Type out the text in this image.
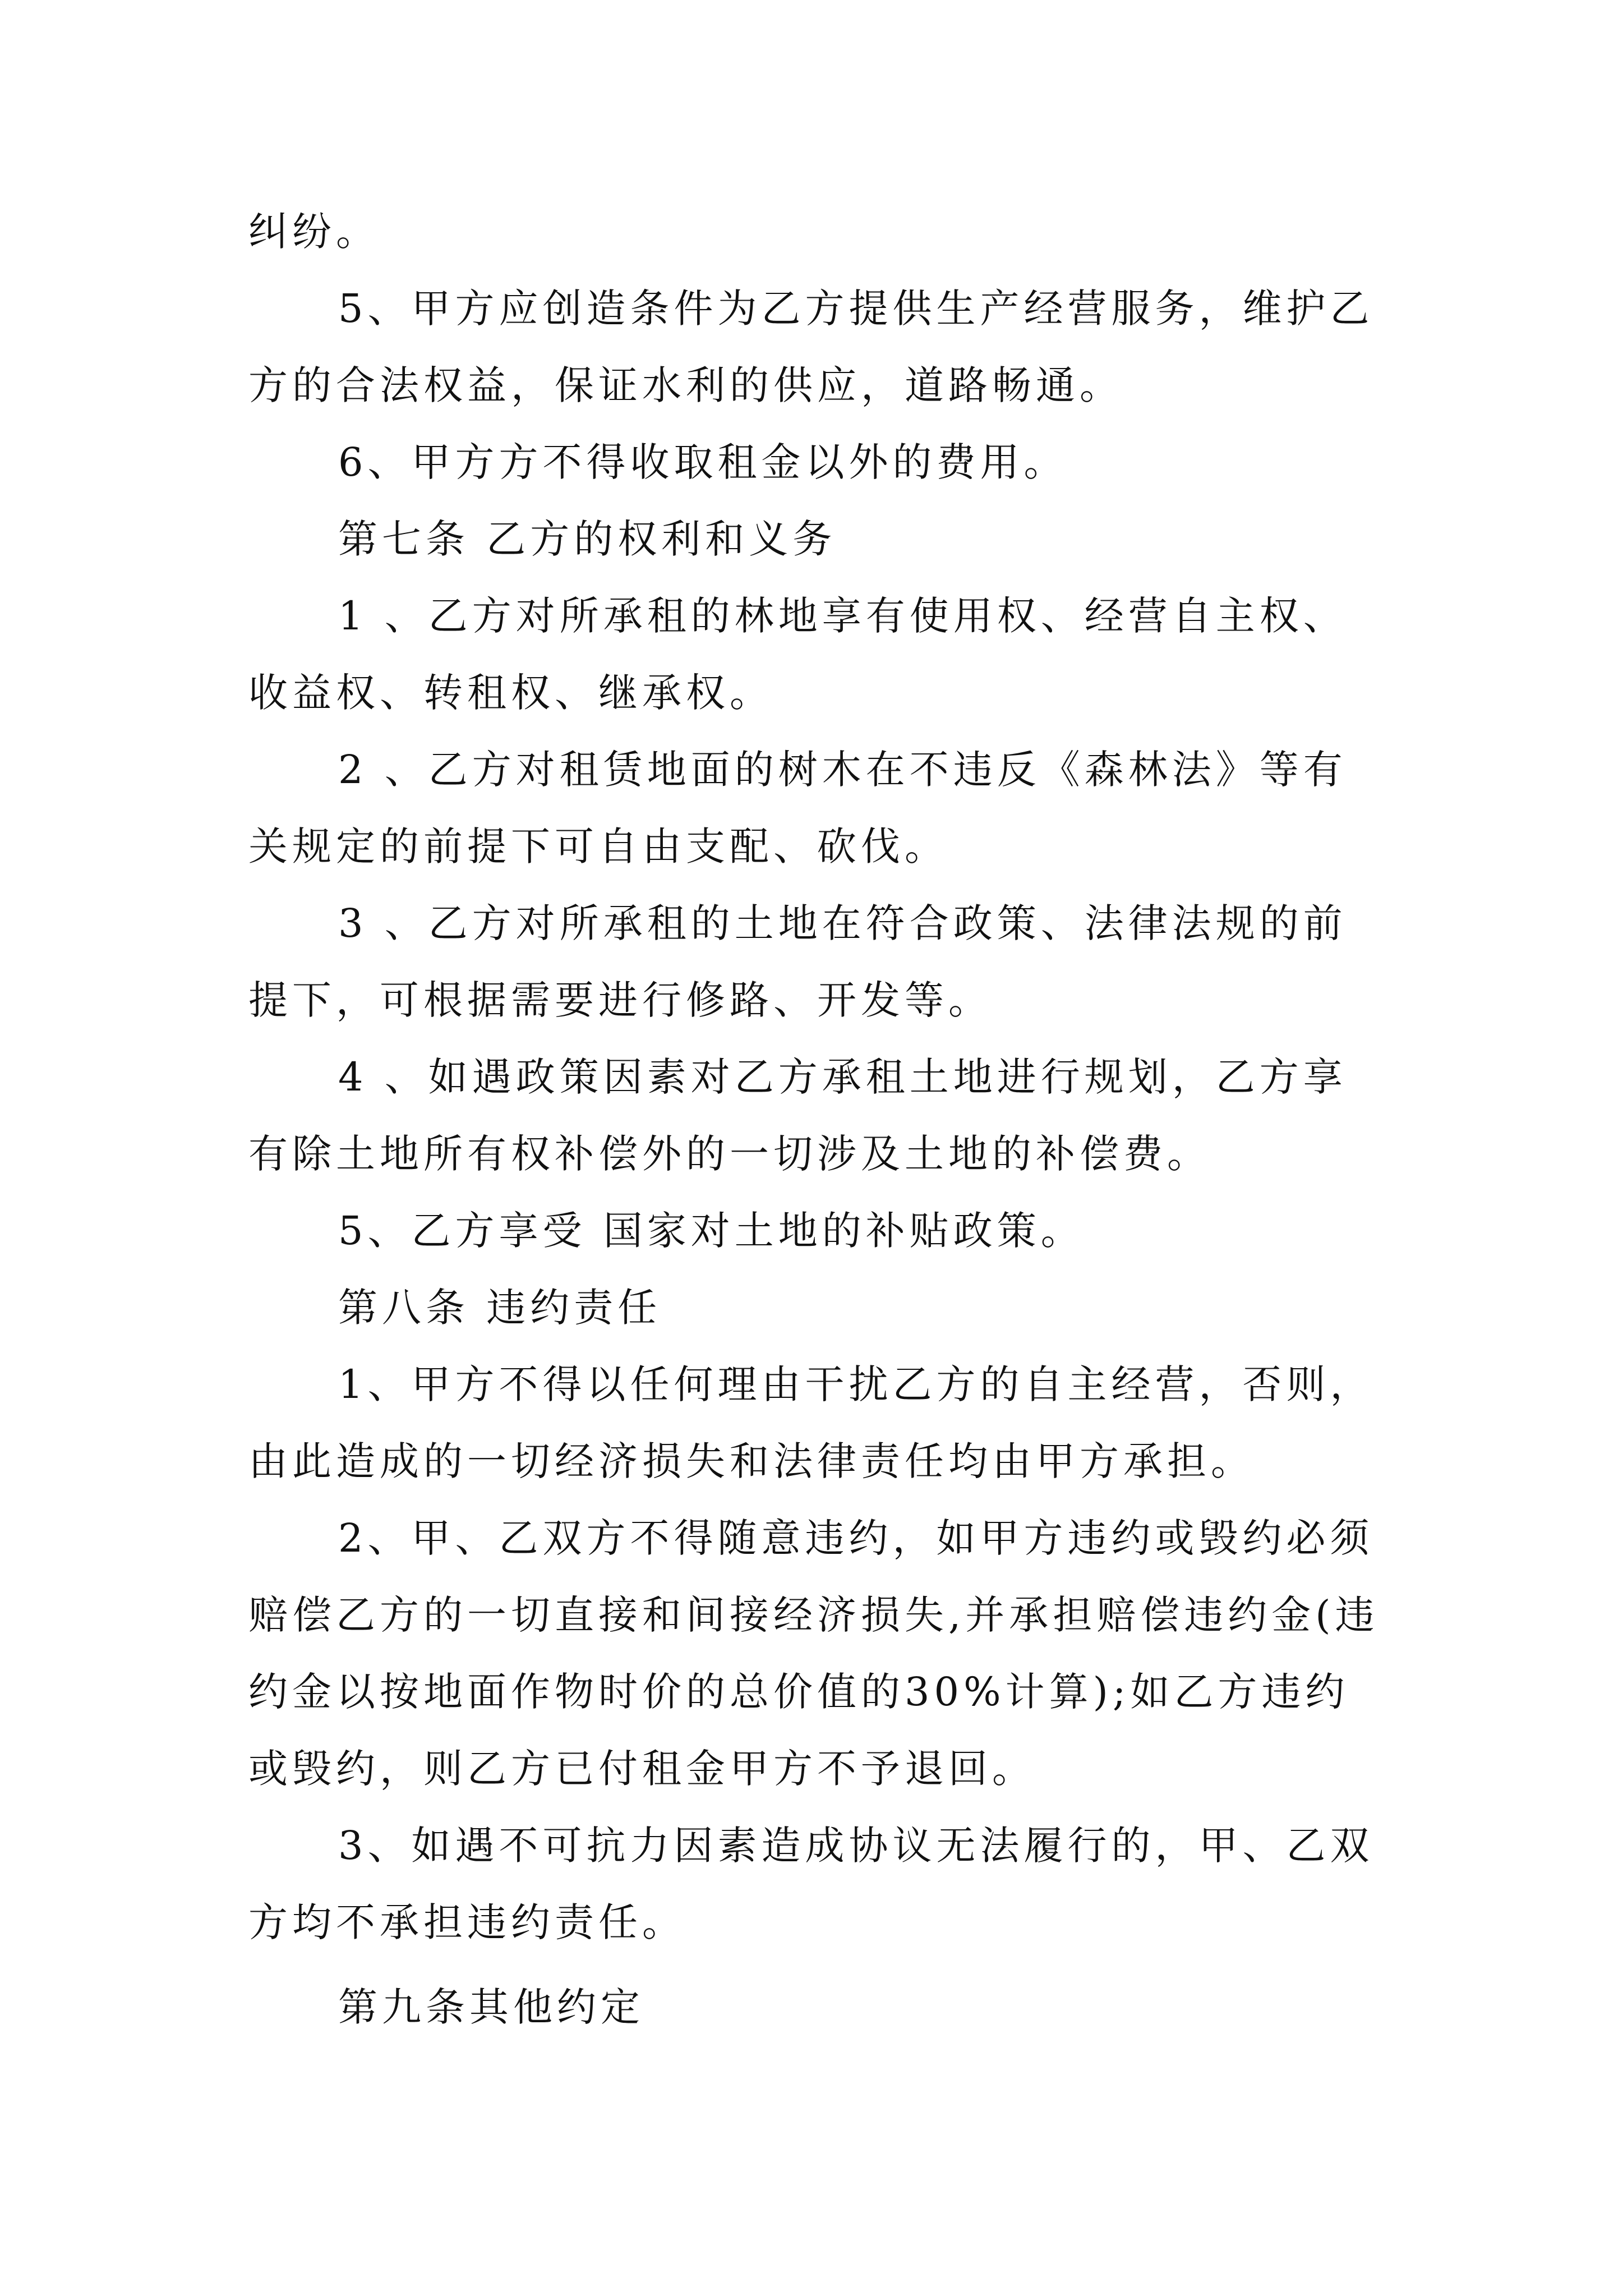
纠纷。

5、甲方应创造条件为乙方提供生产经营服务，维护乙方的合法权益，保证水利的供应，道路畅通。

6、甲方方不得收取租金以外的费用。

第七条 乙方的权利和义务

1 、乙方对所承租的林地享有使用权、经营自主权、收益权、转租权、继承权。

2 、乙方对租赁地面的树木在不违反《森林法》等有关规定的前提下可自由支配、砍伐。

3 、乙方对所承租的土地在符合政策、法律法规的前提下，可根据需要进行修路、开发等。

4 、如遇政策因素对乙方承租土地进行规划，乙方享有除土地所有权补偿外的一切涉及土地的补偿费。

5、乙方享受 国家对土地的补贴政策。

第八条 违约责任

1、甲方不得以任何理由干扰乙方的自主经营，否则，由此造成的一切经济损失和法律责任均由甲方承担。

2、甲、乙双方不得随意违约，如甲方违约或毁约必须赔偿乙方的一切直接和间接经济损失,并承担赔偿违约金(违约金以按地面作物时价的总价值的30%计算);如乙方违约或毁约，则乙方已付租金甲方不予退回。

3、如遇不可抗力因素造成协议无法履行的，甲、乙双方均不承担违约责任。

第九条其他约定
